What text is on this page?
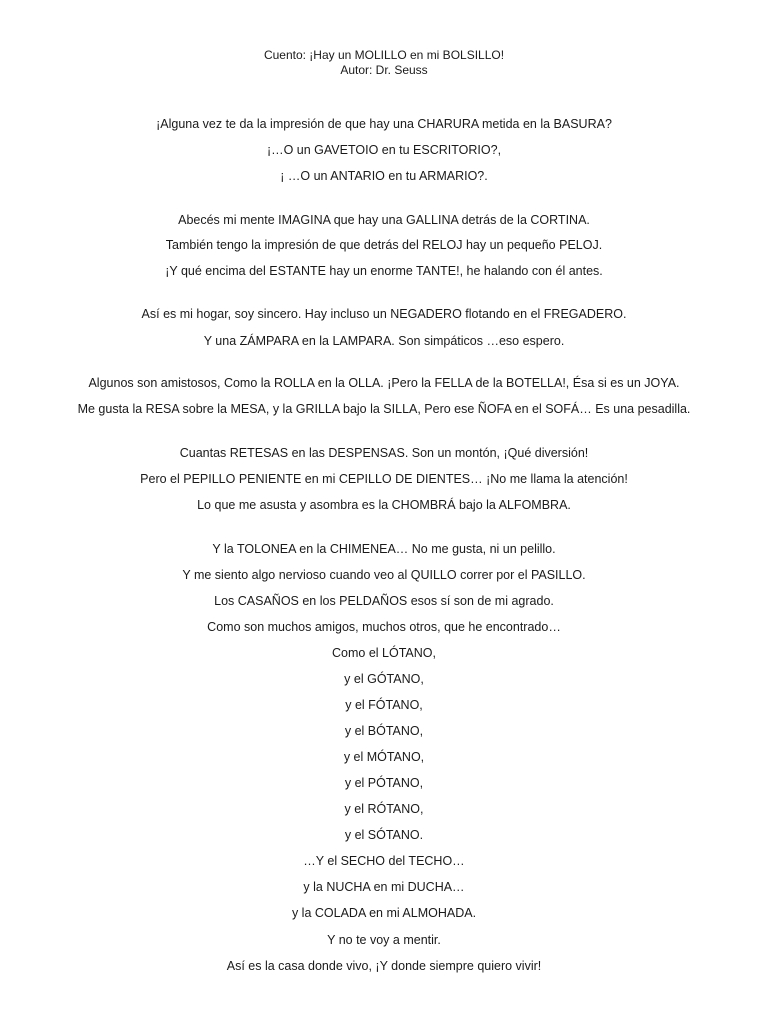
Cuento: ¡Hay un MOLILLO en mi BOLSILLO!
Autor: Dr. Seuss
¡Alguna vez te da la impresión de que hay una CHARURA metida en la BASURA?
¡…O un GAVETOIO en tu ESCRITORIO?,
¡ …O un ANTARIO en tu ARMARIO?.
Abecés mi mente IMAGINA que hay una GALLINA detrás de la CORTINA.
También tengo la impresión de que detrás del RELOJ hay un pequeño PELOJ.
¡Y qué encima del ESTANTE hay un enorme TANTE!, he halando con él antes.
Así es mi hogar, soy sincero. Hay incluso un NEGADERO flotando en el FREGADERO.
Y una ZÁMPARA en la LAMPARA. Son simpáticos …eso espero.
Algunos son amistosos, Como la ROLLA en la OLLA. ¡Pero la FELLA de la BOTELLA!, Ésa si es un JOYA.
Me gusta la RESA sobre la MESA, y la GRILLA bajo la SILLA, Pero ese ÑOFA en el SOFÁ… Es una pesadilla.
Cuantas RETESAS en las DESPENSAS. Son un montón, ¡Qué diversión!
Pero el PEPILLO PENIENTE en mi CEPILLO DE DIENTES… ¡No me llama la atención!
Lo que me asusta y asombra es la CHOMBRÁ bajo la ALFOMBRA.
Y la TOLONEA en la CHIMENEA… No me gusta, ni un pelillo.
Y me siento algo nervioso cuando veo al QUILLO correr por el PASILLO.
Los CASAÑOS en los PELDAÑOS esos sí son de mi agrado.
Como son muchos amigos, muchos otros, que he encontrado…
Como el LÓTANO,
y el GÓTANO,
y el FÓTANO,
y el BÓTANO,
y el MÓTANO,
y el PÓTANO,
y el RÓTANO,
y el SÓTANO.
…Y el SECHO del TECHO…
y la NUCHA en mi DUCHA…
y la COLADA en mi ALMOHADA.
Y no te voy a mentir.
Así es la casa donde vivo, ¡Y donde siempre quiero vivir!
